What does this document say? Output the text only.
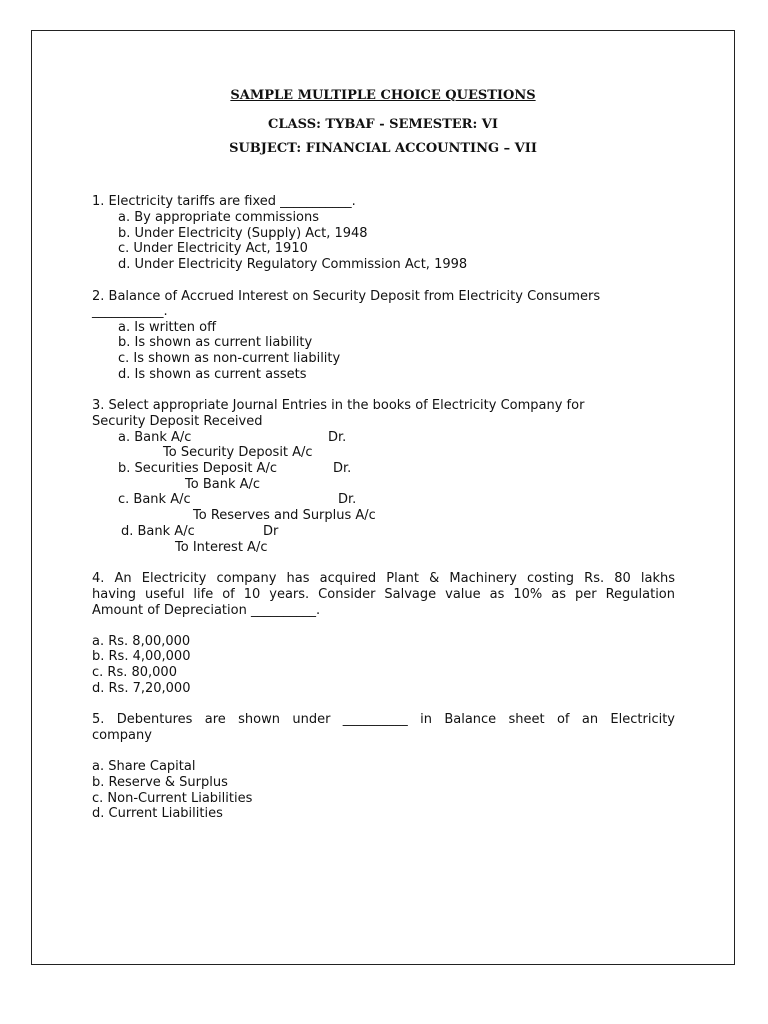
SAMPLE MULTIPLE CHOICE QUESTIONS
CLASS: TYBAF - SEMESTER: VI
SUBJECT: FINANCIAL ACCOUNTING – VII
1. Electricity tariffs are fixed ___________.
a. By appropriate commissions
b. Under Electricity (Supply) Act, 1948
c. Under Electricity Act, 1910
d. Under Electricity Regulatory Commission Act, 1998
2. Balance of Accrued Interest on Security Deposit from Electricity Consumers
___________.
a. Is written off
b. Is shown as current liability
c. Is shown as non-current liability
d. Is shown as current assets
3. Select appropriate Journal Entries in the books of Electricity Company for
Security Deposit Received
a. Bank A/c	Dr.
To Security Deposit A/c
b. Securities Deposit A/c	Dr.
To Bank A/c
c. Bank A/c	Dr.
To Reserves and Surplus A/c
d. Bank A/c	Dr
To Interest A/c
4. An Electricity company has acquired Plant & Machinery costing Rs. 80 lakhs
having useful life of 10 years. Consider Salvage value as 10% as per Regulation
Amount of Depreciation __________.
a. Rs. 8,00,000
b. Rs. 4,00,000
c. Rs. 80,000
d. Rs. 7,20,000
5. Debentures are shown under __________ in Balance sheet of an Electricity
company
a. Share Capital
b. Reserve & Surplus
c. Non-Current Liabilities
d. Current Liabilities
